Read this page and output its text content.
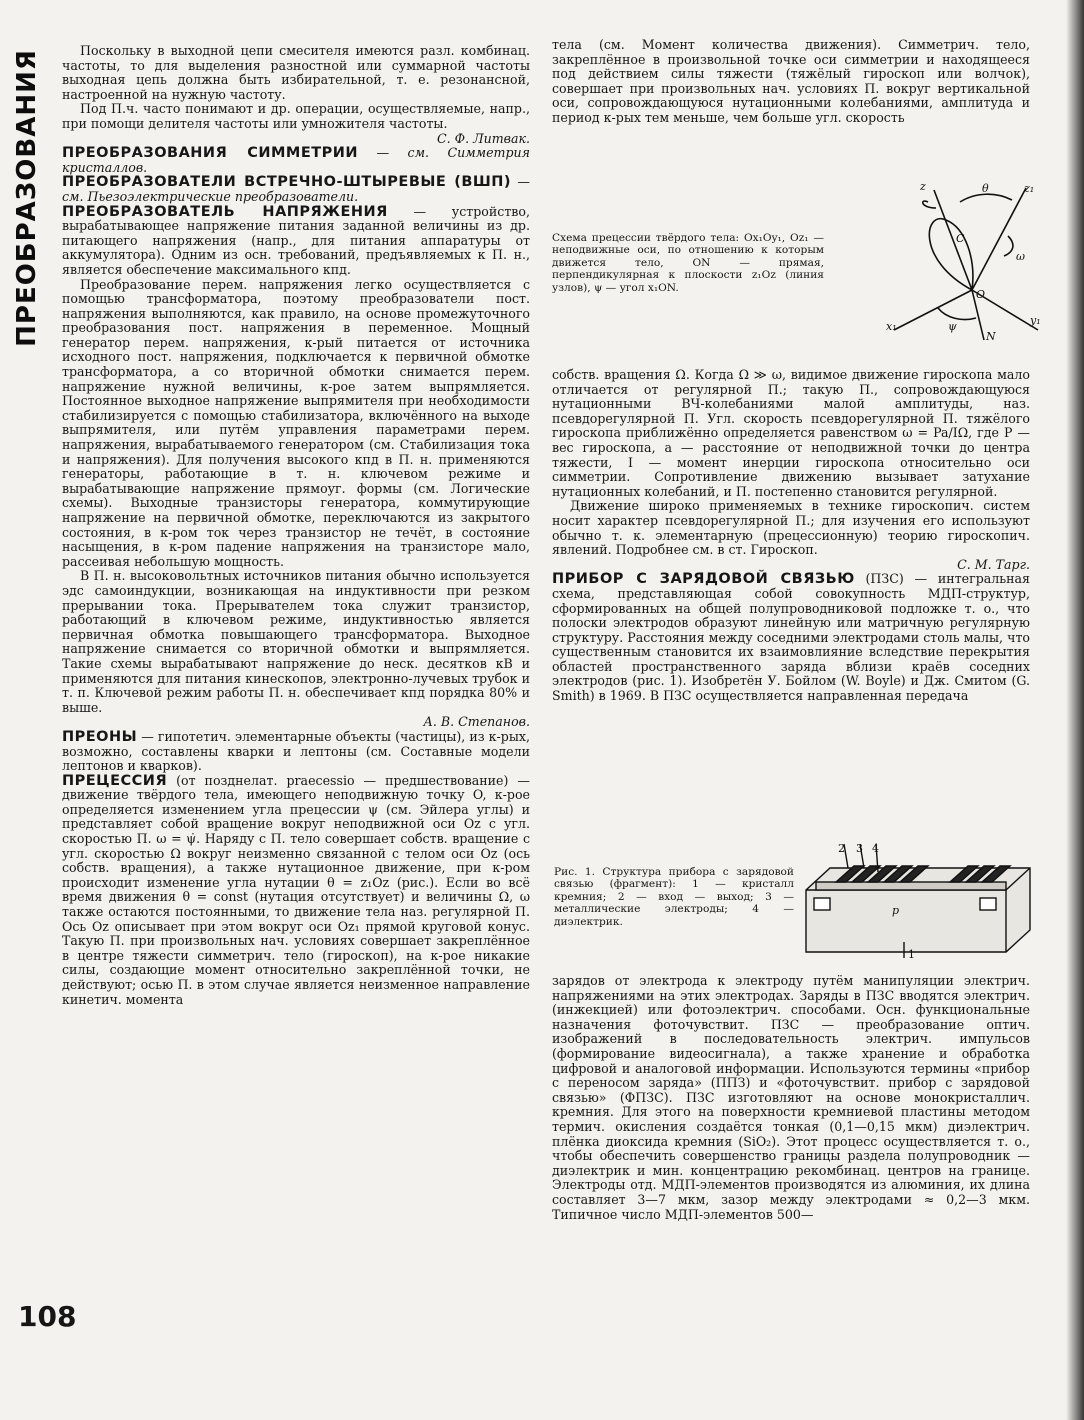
ПРЕОБРАЗОВАНИЯ
108

Поскольку в выходной цепи смесителя имеются разл. комбинац. частоты, то для выделения разностной или суммарной частоты выходная цепь должна быть избирательной, т. е. резонансной, настроенной на нужную частоту.

Под П.ч. часто понимают и др. операции, осуществляемые, напр., при помощи делителя частоты или умножителя частоты.

С. Ф. Литвак.

ПРЕОБРАЗОВАНИЯ СИММЕТРИИ — см. Симметрия кристаллов.

ПРЕОБРАЗОВАТЕЛИ ВСТРЕЧНО-ШТЫРЕВЫЕ (ВШП) — см. Пьезоэлектрические преобразователи.

ПРЕОБРАЗОВАТЕЛЬ НАПРЯЖЕНИЯ — устройство, вырабатывающее напряжение питания заданной величины из др. питающего напряжения (напр., для питания аппаратуры от аккумулятора). Одним из осн. требований, предъявляемых к П. н., является обеспечение максимального кпд.

Преобразование перем. напряжения легко осуществляется с помощью трансформатора, поэтому преобразователи пост. напряжения выполняются, как правило, на основе промежуточного преобразования пост. напряжения в переменное. Мощный генератор перем. напряжения, к-рый питается от источника исходного пост. напряжения, подключается к первичной обмотке трансформатора, а со вторичной обмотки снимается перем. напряжение нужной величины, к-рое затем выпрямляется. Постоянное выходное напряжение выпрямителя при необходимости стабилизируется с помощью стабилизатора, включённого на выходе выпрямителя, или путём управления параметрами перем. напряжения, вырабатываемого генератором (см. Стабилизация тока и напряжения). Для получения высокого кпд в П. н. применяются генераторы, работающие в т. н. ключевом режиме и вырабатывающие напряжение прямоуг. формы (см. Логические схемы). Выходные транзисторы генератора, коммутирующие напряжение на первичной обмотке, переключаются из закрытого состояния, в к-ром ток через транзистор не течёт, в состояние насыщения, в к-ром падение напряжения на транзисторе мало, рассеивая небольшую мощность.

В П. н. высоковольтных источников питания обычно используется эдс самоиндукции, возникающая на индуктивности при резком прерывании тока. Прерывателем тока служит транзистор, работающий в ключевом режиме, индуктивностью является первичная обмотка повышающего трансформатора. Выходное напряжение снимается со вторичной обмотки и выпрямляется. Такие схемы вырабатывают напряжение до неск. десятков кВ и применяются для питания кинескопов, электронно-лучевых трубок и т. п. Ключевой режим работы П. н. обеспечивает кпд порядка 80% и выше.

А. В. Степанов.

ПРЕОНЫ — гипотетич. элементарные объекты (частицы), из к-рых, возможно, составлены кварки и лептоны (см. Составные модели лептонов и кварков).

ПРЕЦЕССИЯ (от позднелат. praecessio — предшествование) — движение твёрдого тела, имеющего неподвижную точку O, к-рое определяется изменением угла прецессии ψ (см. Эйлера углы) и представляет собой вращение вокруг неподвижной оси Oz с угл. скоростью П. ω = ψ̇. Наряду с П. тело совершает собств. вращение с угл. скоростью Ω вокруг неизменно связанной с телом оси Oz (ось собств. вращения), а также нутационное движение, при к-ром происходит изменение угла нутации θ = z₁Oz (рис.). Если во всё время движения θ = const (нутация отсутствует) и величины Ω, ω также остаются постоянными, то движение тела наз. регулярной П. Ось Oz описывает при этом вокруг оси Oz₁ прямой круговой конус. Такую П. при произвольных нач. условиях совершает закреплённое в центре тяжести симметрич. тело (гироскоп), на к-рое никакие силы, создающие момент относительно закреплённой точки, не действуют; осью П. в этом случае является неизменное направление кинетич. момента

тела (см. Момент количества движения). Симметрич. тело, закреплённое в произвольной точке оси симметрии и находящееся под действием силы тяжести (тяжёлый гироскоп или волчок), совершает при произвольных нач. условиях П. вокруг вертикальной оси, сопровождающуюся нутационными колебаниями, амплитуда и период к-рых тем меньше, чем больше угл. скорость

Схема прецессии твёрдого тела: Ox₁Oy₁, Oz₁ — неподвижные оси, по отношению к которым движется тело, ON — прямая, перпендикулярная к плоскости z₁Oz (линия узлов), ψ — угол x₁ON.
z	θ	z₁
C
ω
O
x₁	ψ
N
y₁

собств. вращения Ω. Когда Ω ≫ ω, видимое движение гироскопа мало отличается от регулярной П.; такую П., сопровождающуюся нутационными ВЧ-колебаниями малой амплитуды, наз. псевдорегулярной П. Угл. скорость псевдорегулярной П. тяжёлого гироскопа приближённо определяется равенством ω = Pa/IΩ, где P — вес гироскопа, a — расстояние от неподвижной точки до центра тяжести, I — момент инерции гироскопа относительно оси симметрии. Сопротивление движению вызывает затухание нутационных колебаний, и П. постепенно становится регулярной.

Движение широко применяемых в технике гироскопич. систем носит характер псевдорегулярной П.; для изучения его используют обычно т. к. элементарную (прецессионную) теорию гироскопич. явлений. Подробнее см. в ст. Гироскоп.

С. М. Тарг.

ПРИБОР С ЗАРЯДОВОЙ СВЯЗЬЮ (ПЗС) — интегральная схема, представляющая собой совокупность МДП-структур, сформированных на общей полупроводниковой подложке т. о., что полоски электродов образуют линейную или матричную регулярную структуру. Расстояния между соседними электродами столь малы, что существенным становится их взаимовлияние вследствие перекрытия областей пространственного заряда вблизи краёв соседних электродов (рис. 1). Изобретён У. Бойлом (W. Boyle) и Дж. Смитом (G. Smith) в 1969. В ПЗС осуществляется направленная передача

Рис. 1. Структура прибора с зарядовой связью (фрагмент): 1 — кристалл кремния; 2 — вход — выход; 3 — металлические электроды; 4 — диэлектрик.
2 3 4
p
1

зарядов от электрода к электроду путём манипуляции электрич. напряжениями на этих электродах. Заряды в ПЗС вводятся электрич. (инжекцией) или фотоэлектрич. способами. Осн. функциональные назначения фоточувствит. ПЗС — преобразование оптич. изображений в последовательность электрич. импульсов (формирование видеосигнала), а также хранение и обработка цифровой и аналоговой информации. Используются термины «прибор с переносом заряда» (ППЗ) и «фоточувствит. прибор с зарядовой связью» (ФПЗС). ПЗС изготовляют на основе монокристаллич. кремния. Для этого на поверхности кремниевой пластины методом термич. окисления создаётся тонкая (0,1—0,15 мкм) диэлектрич. плёнка диоксида кремния (SiO₂). Этот процесс осуществляется т. о., чтобы обеспечить совершенство границы раздела полупроводник — диэлектрик и мин. концентрацию рекомбинац. центров на границе. Электроды отд. МДП-элементов производятся из алюминия, их длина составляет 3—7 мкм, зазор между электродами ≈ 0,2—3 мкм. Типичное число МДП-элементов 500—
